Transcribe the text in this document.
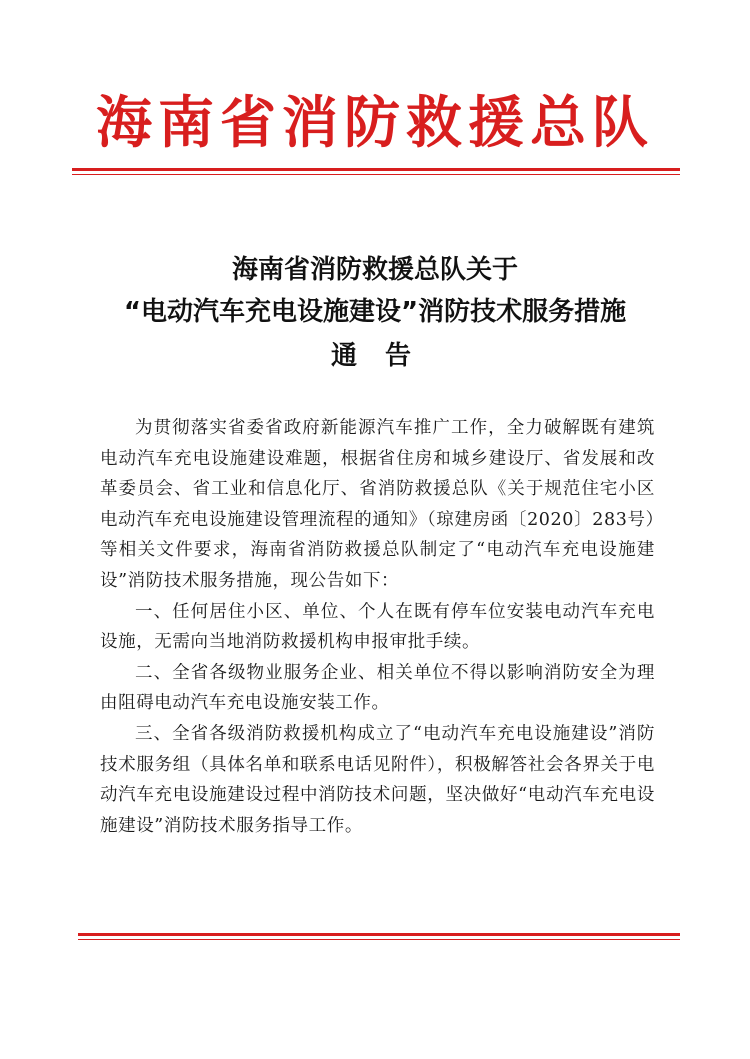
海南省消防救援总队
海南省消防救援总队关于
“电动汽车充电设施建设”消防技术服务措施
通告

为贯彻落实省委省政府新能源汽车推广工作，全力破解既有建筑电动汽车充电设施建设难题，根据省住房和城乡建设厅、省发展和改革委员会、省工业和信息化厅、省消防救援总队《关于规范住宅小区电动汽车充电设施建设管理流程的通知》（琼建房函〔2020〕283号）等相关文件要求，海南省消防救援总队制定了“电动汽车充电设施建设”消防技术服务措施，现公告如下：

一、任何居住小区、单位、个人在既有停车位安装电动汽车充电设施，无需向当地消防救援机构申报审批手续。

二、全省各级物业服务企业、相关单位不得以影响消防安全为理由阻碍电动汽车充电设施安装工作。

三、全省各级消防救援机构成立了“电动汽车充电设施建设”消防技术服务组（具体名单和联系电话见附件），积极解答社会各界关于电动汽车充电设施建设过程中消防技术问题，坚决做好“电动汽车充电设施建设”消防技术服务指导工作。
